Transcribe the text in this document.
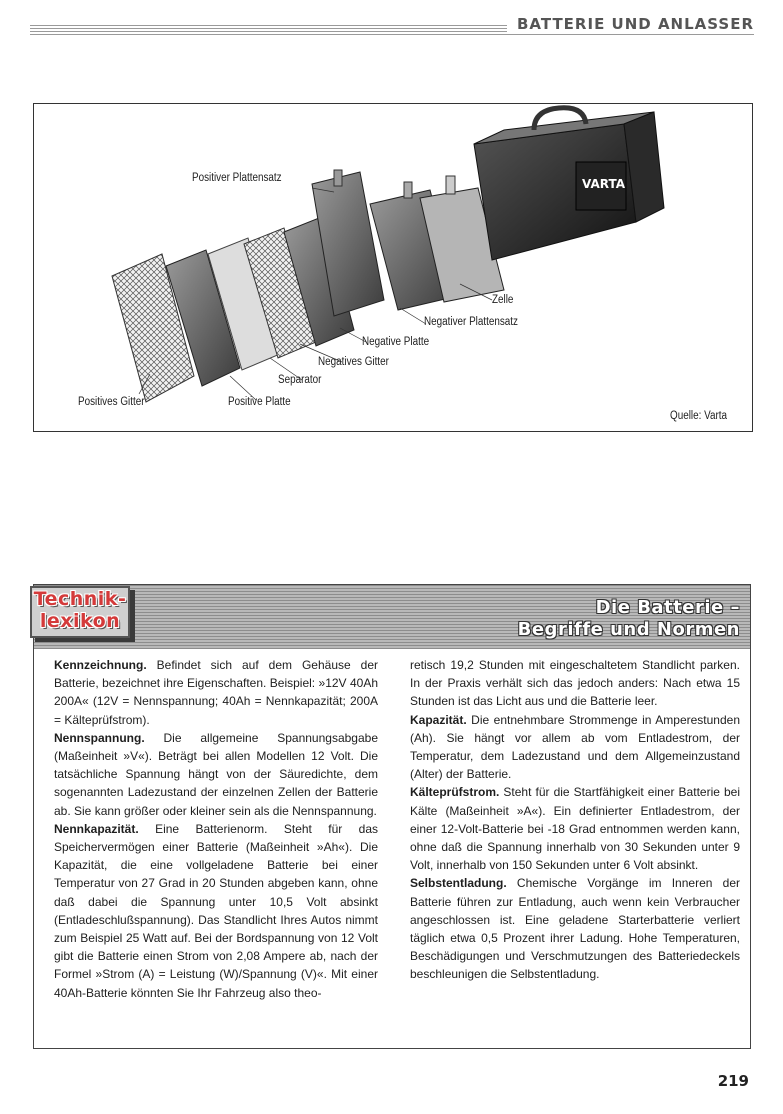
BATTERIE UND ANLASSER
VARTA
Positiver Plattensatz
Zelle
Negativer Plattensatz
Negative Platte
Negatives Gitter
Separator
Positives Gitter	Positive Platte
Quelle: Varta
Technik-
lexikon
Die Batterie –
Begriffe und Normen

Kennzeichnung. Befindet sich auf dem Gehäuse der Batterie, bezeichnet ihre Eigenschaften. Beispiel: »12V 40Ah 200A« (12V = Nennspannung; 40Ah = Nennkapazität; 200A = Kälteprüfstrom).

Nennspannung. Die allgemeine Spannungsabgabe (Maßeinheit »V«). Beträgt bei allen Modellen 12 Volt. Die tatsächliche Spannung hängt von der Säuredichte, dem sogenannten Ladezustand der einzelnen Zellen der Batterie ab. Sie kann größer oder kleiner sein als die Nennspannung.

Nennkapazität. Eine Batterienorm. Steht für das Speichervermögen einer Batterie (Maßeinheit »Ah«). Die Kapazität, die eine vollgeladene Batterie bei einer Temperatur von 27 Grad in 20 Stunden abgeben kann, ohne daß dabei die Spannung unter 10,5 Volt absinkt (Entladeschlußspannung). Das Standlicht Ihres Autos nimmt zum Beispiel 25 Watt auf. Bei der Bordspannung von 12 Volt gibt die Batterie einen Strom von 2,08 Ampere ab, nach der Formel »Strom (A) = Leistung (W)/Spannung (V)«. Mit einer 40Ah-Batterie könnten Sie Ihr Fahrzeug also theo-

retisch 19,2 Stunden mit eingeschaltetem Standlicht parken. In der Praxis verhält sich das jedoch anders: Nach etwa 15 Stunden ist das Licht aus und die Batterie leer.

Kapazität. Die entnehmbare Strommenge in Amperestunden (Ah). Sie hängt vor allem ab vom Entladestrom, der Temperatur, dem Ladezustand und dem Allgemeinzustand (Alter) der Batterie.

Kälteprüfstrom. Steht für die Startfähigkeit einer Batterie bei Kälte (Maßeinheit »A«). Ein definierter Entladestrom, der einer 12-Volt-Batterie bei -18 Grad entnommen werden kann, ohne daß die Spannung innerhalb von 30 Sekunden unter 9 Volt, innerhalb von 150 Sekunden unter 6 Volt absinkt.

Selbstentladung. Chemische Vorgänge im Inneren der Batterie führen zur Entladung, auch wenn kein Verbraucher angeschlossen ist. Eine geladene Starterbatterie verliert täglich etwa 0,5 Prozent ihrer Ladung. Hohe Temperaturen, Beschädigungen und Verschmutzungen des Batteriedeckels beschleunigen die Selbstentladung.

219
